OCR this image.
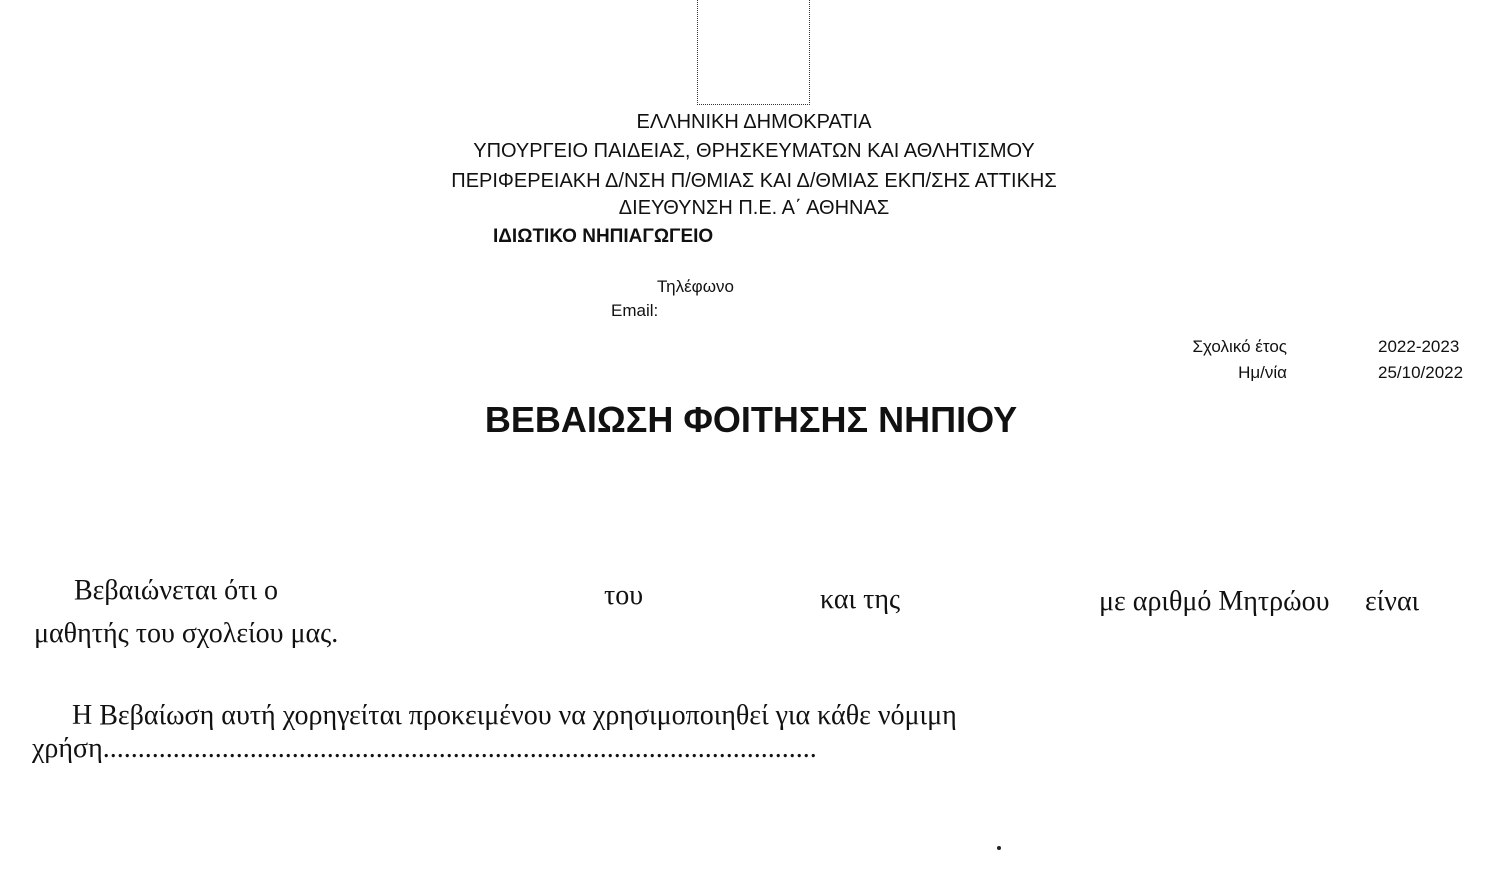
ΕΛΛΗΝΙΚΗ ΔΗΜΟΚΡΑΤΙΑ
ΥΠΟΥΡΓΕΙΟ ΠΑΙΔΕΙΑΣ, ΘΡΗΣΚΕΥΜΑΤΩΝ ΚΑΙ ΑΘΛΗΤΙΣΜΟΥ
ΠΕΡΙΦΕΡΕΙΑΚΗ Δ/ΝΣΗ Π/ΘΜΙΑΣ ΚΑΙ Δ/ΘΜΙΑΣ ΕΚΠ/ΣΗΣ ΑΤΤΙΚΗΣ
ΔΙΕΥΘΥΝΣΗ Π.Ε. Α΄ ΑΘΗΝΑΣ
ΙΔΙΩΤΙΚΟ ΝΗΠΙΑΓΩΓΕΙΟ
Τηλέφωνο
Email:
Σχολικό έτος	2022-2023
Ημ/νία	25/10/2022
ΒΕΒΑΙΩΣΗ ΦΟΙΤΗΣΗΣ ΝΗΠΙΟΥ
Βεβαιώνεται ότι ο	του	και της	με αριθμό Μητρώου είναι
μαθητής του σχολείου μας.
Η Βεβαίωση αυτή χορηγείται προκειμένου να χρησιμοποιηθεί για κάθε νόμιμη
χρήση......................................................................................................
